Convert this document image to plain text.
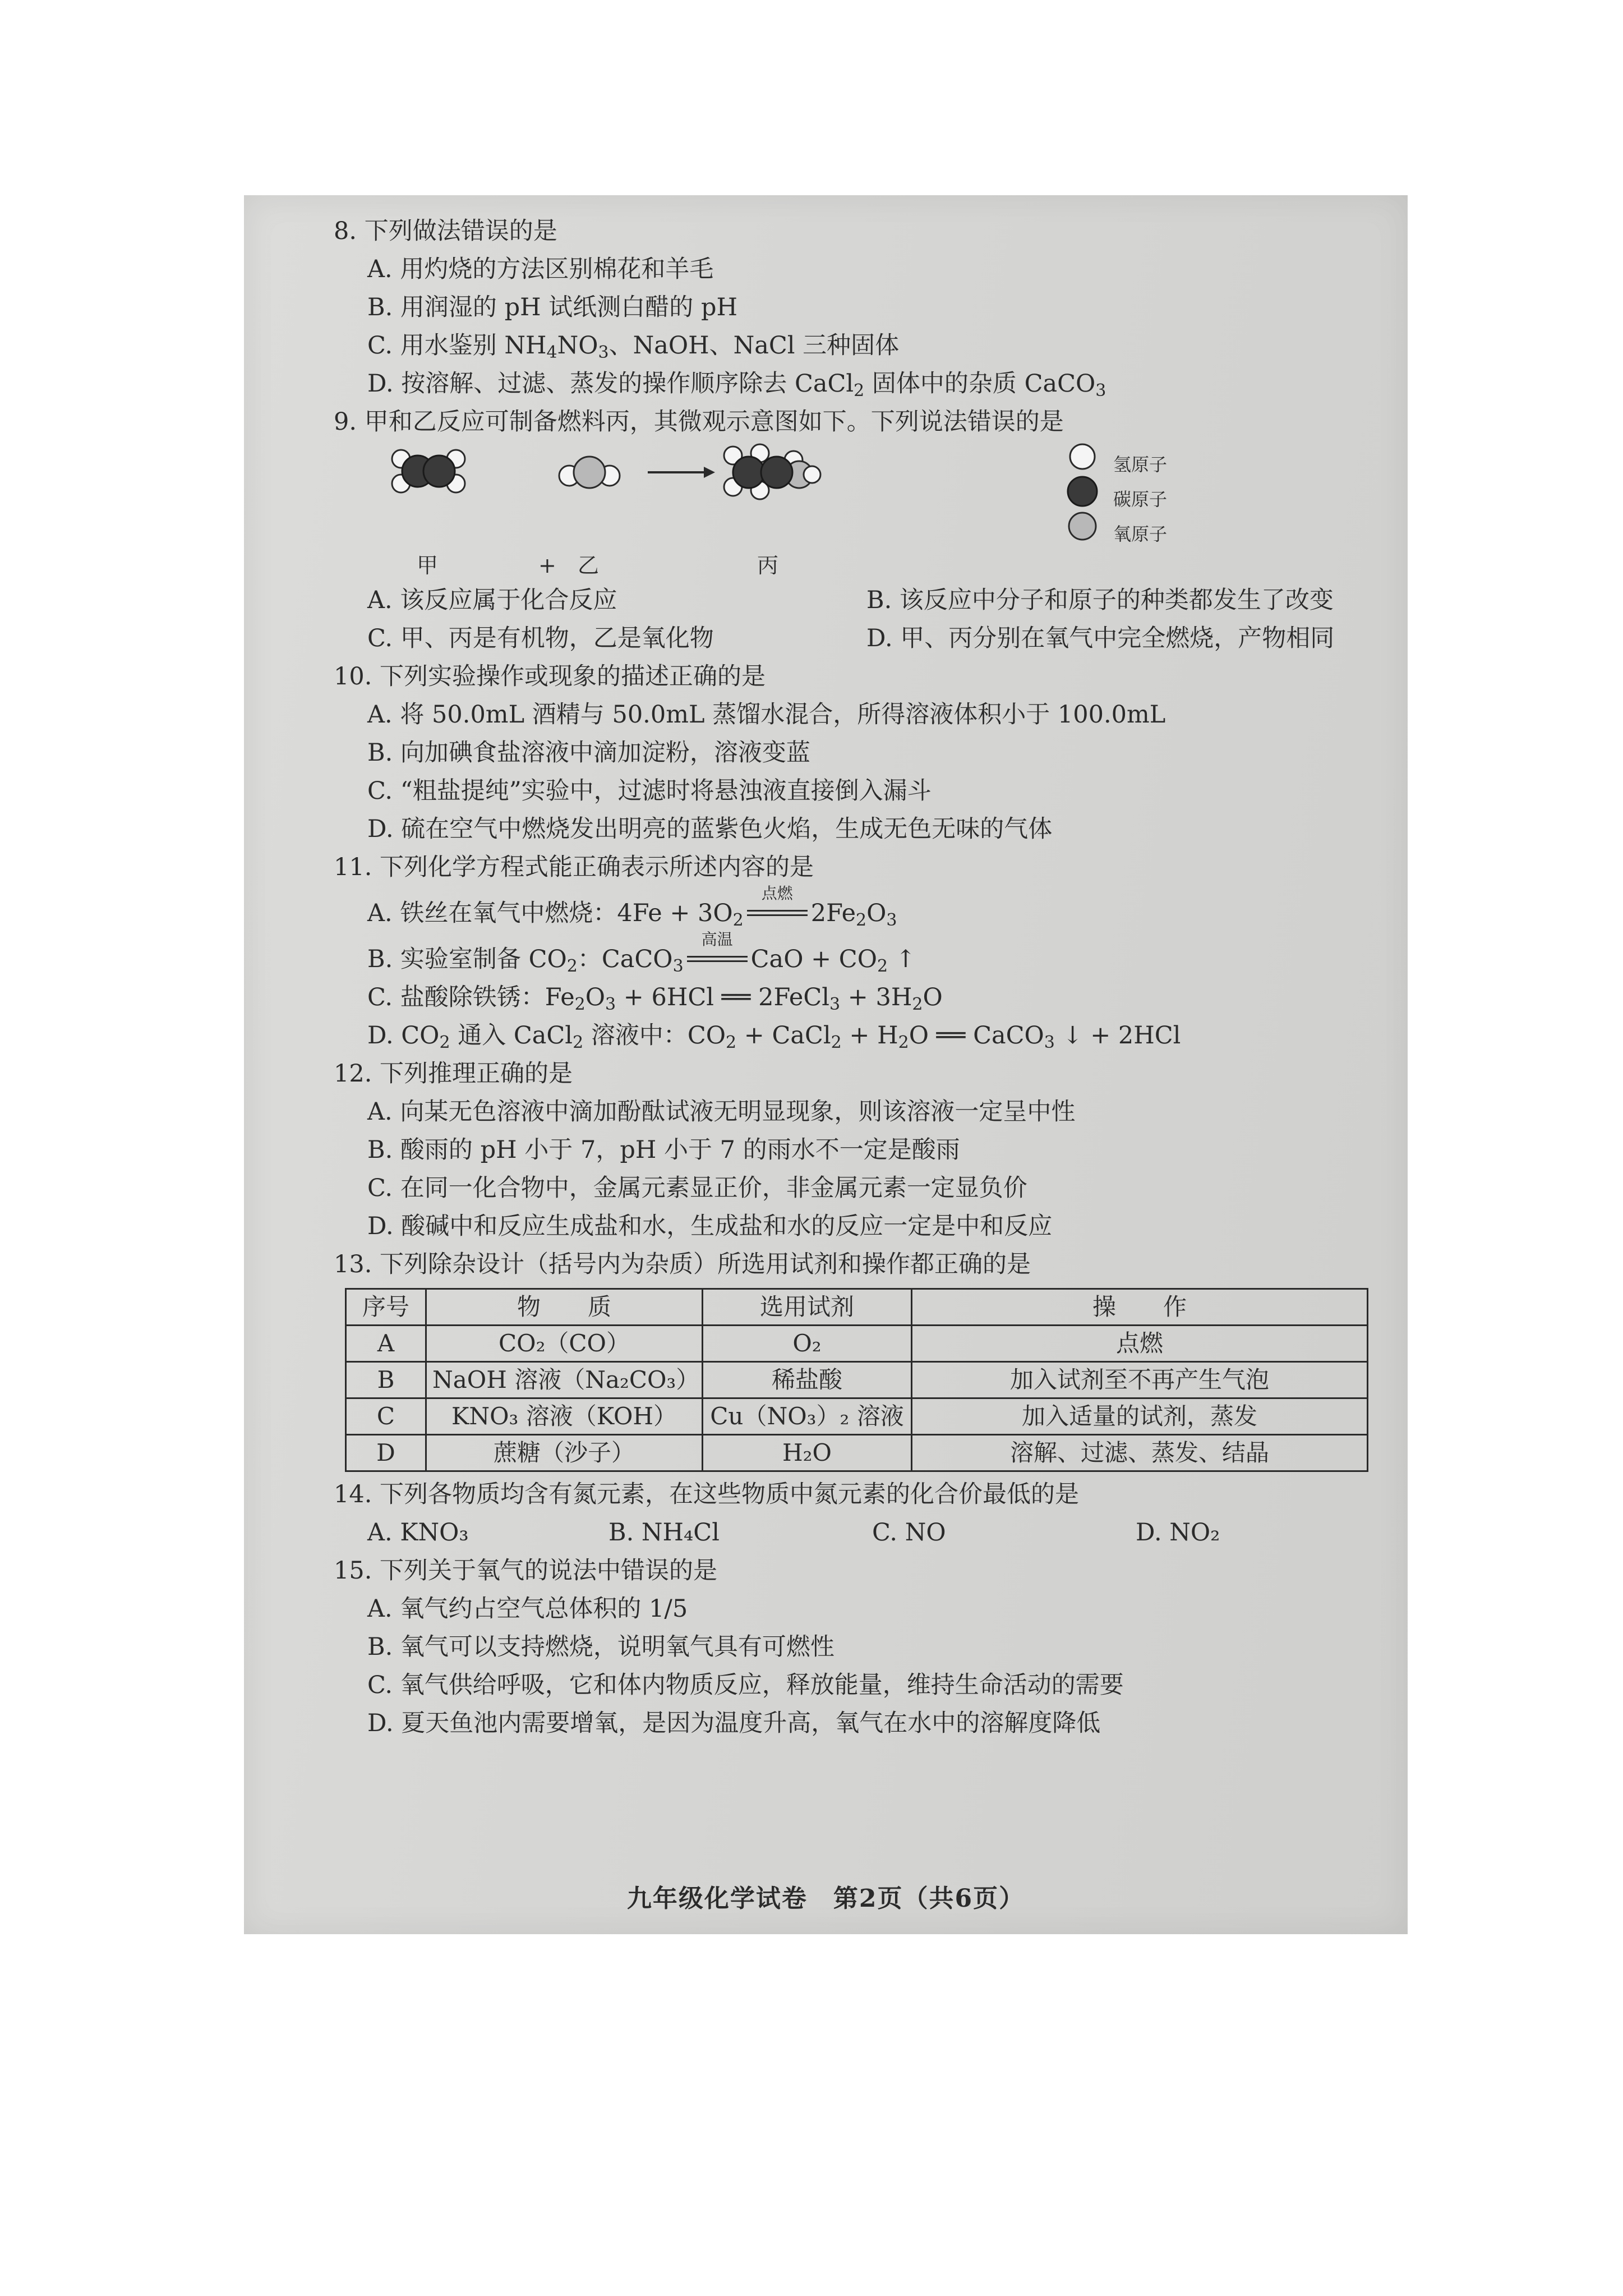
8. 下列做法错误的是
A. 用灼烧的方法区别棉花和羊毛
B. 用润湿的 pH 试纸测白醋的 pH
C. 用水鉴别 $NH_4NO_3$、NaOH、NaCl 三种固体
D. 按溶解、过滤、蒸发的操作顺序除去 CaCl$_2$ 固体中的杂质 CaCO$_3$
9. 甲和乙反应可制备燃料丙，其微观示意图如下。下列说法错误的是
+
甲	乙	丙
氢原子
碳原子
氧原子
A. 该反应属于化合反应	B. 该反应中分子和原子的种类都发生了改变
C. 甲、丙是有机物，乙是氧化物	D. 甲、丙分别在氧气中完全燃烧，产物相同
10. 下列实验操作或现象的描述正确的是
A. 将 50.0mL 酒精与 50.0mL 蒸馏水混合，所得溶液体积小于 100.0mL
B. 向加碘食盐溶液中滴加淀粉，溶液变蓝
C. “粗盐提纯”实验中，过滤时将悬浊液直接倒入漏斗
D. 硫在空气中燃烧发出明亮的蓝紫色火焰，生成无色无味的气体
11. 下列化学方程式能正确表示所述内容的是
A. 铁丝在氧气中燃烧：$4Fe + 3O_2$
点燃
$2Fe_2O_3$
B. 实验室制备 $CO_2$：CaCO$_3$
高温
CaO + $CO_2$ ↑
C. 盐酸除铁锈：$Fe_2O_3 + 6HCl$ ══ 2FeCl$_3$ + $3H_2O$
D. $CO_2$ 通入 CaCl$_2$ 溶液中：$CO_2$ + CaCl$_2$ + $H_2O$ ══ CaCO$_3$ ↓ + 2HCl
12. 下列推理正确的是
A. 向某无色溶液中滴加酚酞试液无明显现象，则该溶液一定呈中性
B. 酸雨的 pH 小于 7，pH 小于 7 的雨水不一定是酸雨
C. 在同一化合物中，金属元素显正价，非金属元素一定显负价
D. 酸碱中和反应生成盐和水，生成盐和水的反应一定是中和反应
13. 下列除杂设计（括号内为杂质）所选用试剂和操作都正确的是
序号	物　　质	选用试剂	操　　作
A	CO₂（CO）	O₂	点燃
B	NaOH 溶液（Na₂CO₃）	稀盐酸	加入试剂至不再产生气泡
C	KNO₃ 溶液（KOH）	Cu（NO₃）₂ 溶液	加入适量的试剂，蒸发
D	蔗糖（沙子）	H₂O	溶解、过滤、蒸发、结晶
14. 下列各物质均含有氮元素，在这些物质中氮元素的化合价最低的是
A. KNO₃	B. NH₄Cl	C. NO	D. NO₂
15. 下列关于氧气的说法中错误的是
A. 氧气约占空气总体积的 1/5
B. 氧气可以支持燃烧，说明氧气具有可燃性
C. 氧气供给呼吸，它和体内物质反应，释放能量，维持生命活动的需要
D. 夏天鱼池内需要增氧，是因为温度升高，氧气在水中的溶解度降低
九年级化学试卷　第2页（共6页）
